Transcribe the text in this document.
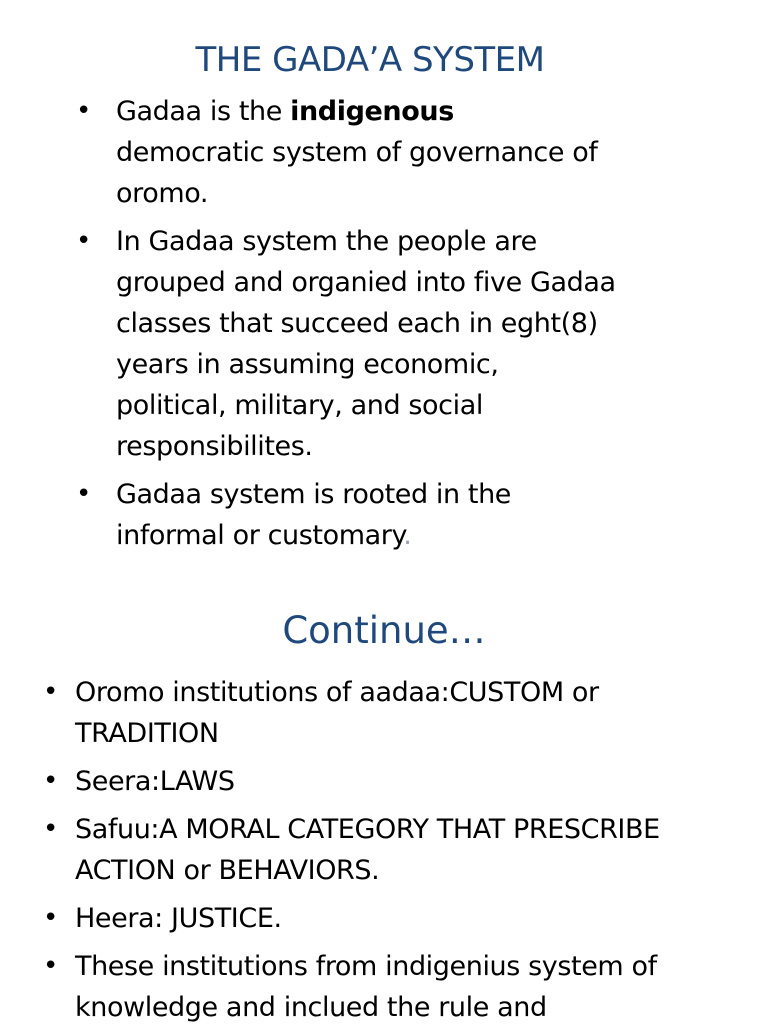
THE GADA’A SYSTEM
• Gadaa is the indigenous
democratic system of governance of oromo.
• In Gadaa system the people are grouped and organied into five Gadaa classes that succeed each in eght(8) years in assuming economic, political, military, and social responsibilites.
• Gadaa system is rooted in the informal or customary.
Continue…
• Oromo institutions of aadaa:CUSTOM or TRADITION
• Seera:LAWS
• Safuu:A MORAL CATEGORY THAT PRESCRIBE ACTION or BEHAVIORS.
• Heera: JUSTICE.
• These institutions from indigenius system of knowledge and inclued the rule and
